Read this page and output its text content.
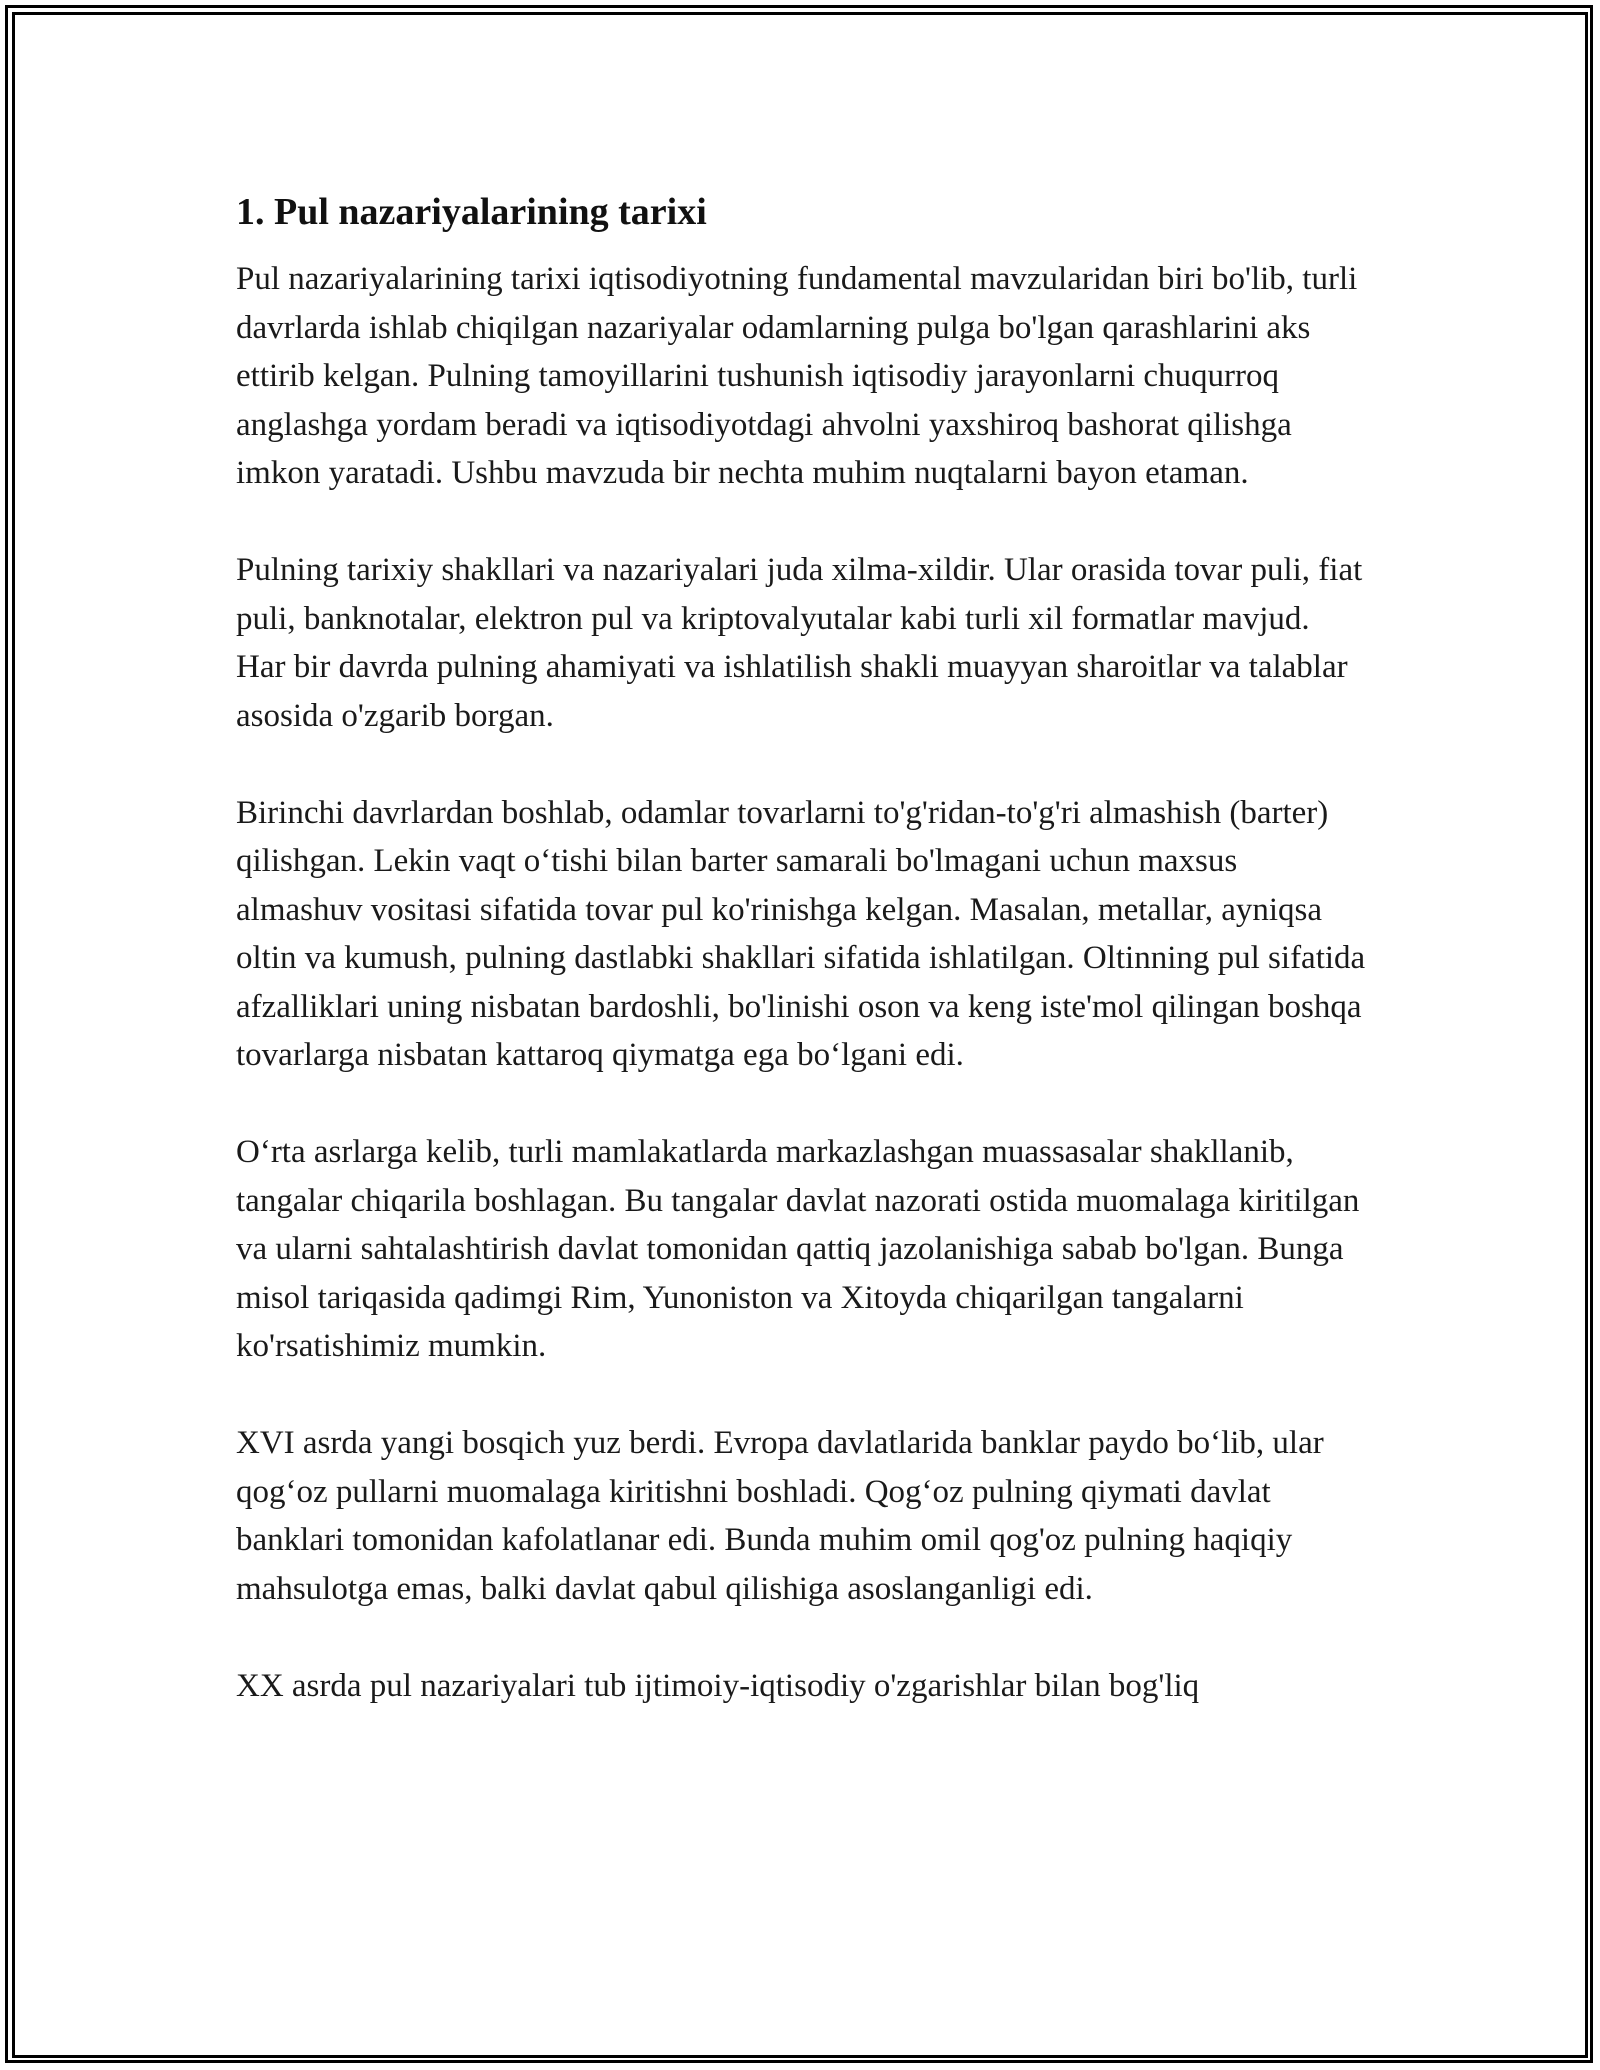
1. Pul nazariyalarining tarixi

Pul nazariyalarining tarixi iqtisodiyotning fundamental mavzularidan biri bo'lib, turli davrlarda ishlab chiqilgan nazariyalar odamlarning pulga bo'lgan qarashlarini aks ettirib kelgan. Pulning tamoyillarini tushunish iqtisodiy jarayonlarni chuqurroq anglashga yordam beradi va iqtisodiyotdagi ahvolni yaxshiroq bashorat qilishga imkon yaratadi. Ushbu mavzuda bir nechta muhim nuqtalarni bayon etaman.

Pulning tarixiy shakllari va nazariyalari juda xilma-xildir. Ular orasida tovar puli, fiat puli, banknotalar, elektron pul va kriptovalyutalar kabi turli xil formatlar mavjud. Har bir davrda pulning ahamiyati va ishlatilish shakli muayyan sharoitlar va talablar asosida o'zgarib borgan.

Birinchi davrlardan boshlab, odamlar tovarlarni to'g'ridan-to'g'ri almashish (barter) qilishgan. Lekin vaqt o‘tishi bilan barter samarali bo'lmagani uchun maxsus almashuv vositasi sifatida tovar pul ko'rinishga kelgan. Masalan, metallar, ayniqsa oltin va kumush, pulning dastlabki shakllari sifatida ishlatilgan. Oltinning pul sifatida afzalliklari uning nisbatan bardoshli, bo'linishi oson va keng iste'mol qilingan boshqa tovarlarga nisbatan kattaroq qiymatga ega bo‘lgani edi.

O‘rta asrlarga kelib, turli mamlakatlarda markazlashgan muassasalar shakllanib, tangalar chiqarila boshlagan. Bu tangalar davlat nazorati ostida muomalaga kiritilgan va ularni sahtalashtirish davlat tomonidan qattiq jazolanishiga sabab bo'lgan. Bunga misol tariqasida qadimgi Rim, Yunoniston va Xitoyda chiqarilgan tangalarni ko'rsatishimiz mumkin.

XVI asrda yangi bosqich yuz berdi. Evropa davlatlarida banklar paydo bo‘lib, ular qog‘oz pullarni muomalaga kiritishni boshladi. Qog‘oz pulning qiymati davlat banklari tomonidan kafolatlanar edi. Bunda muhim omil qog'oz pulning haqiqiy mahsulotga emas, balki davlat qabul qilishiga asoslanganligi edi.

XX asrda pul nazariyalari tub ijtimoiy-iqtisodiy o'zgarishlar bilan bog'liq
